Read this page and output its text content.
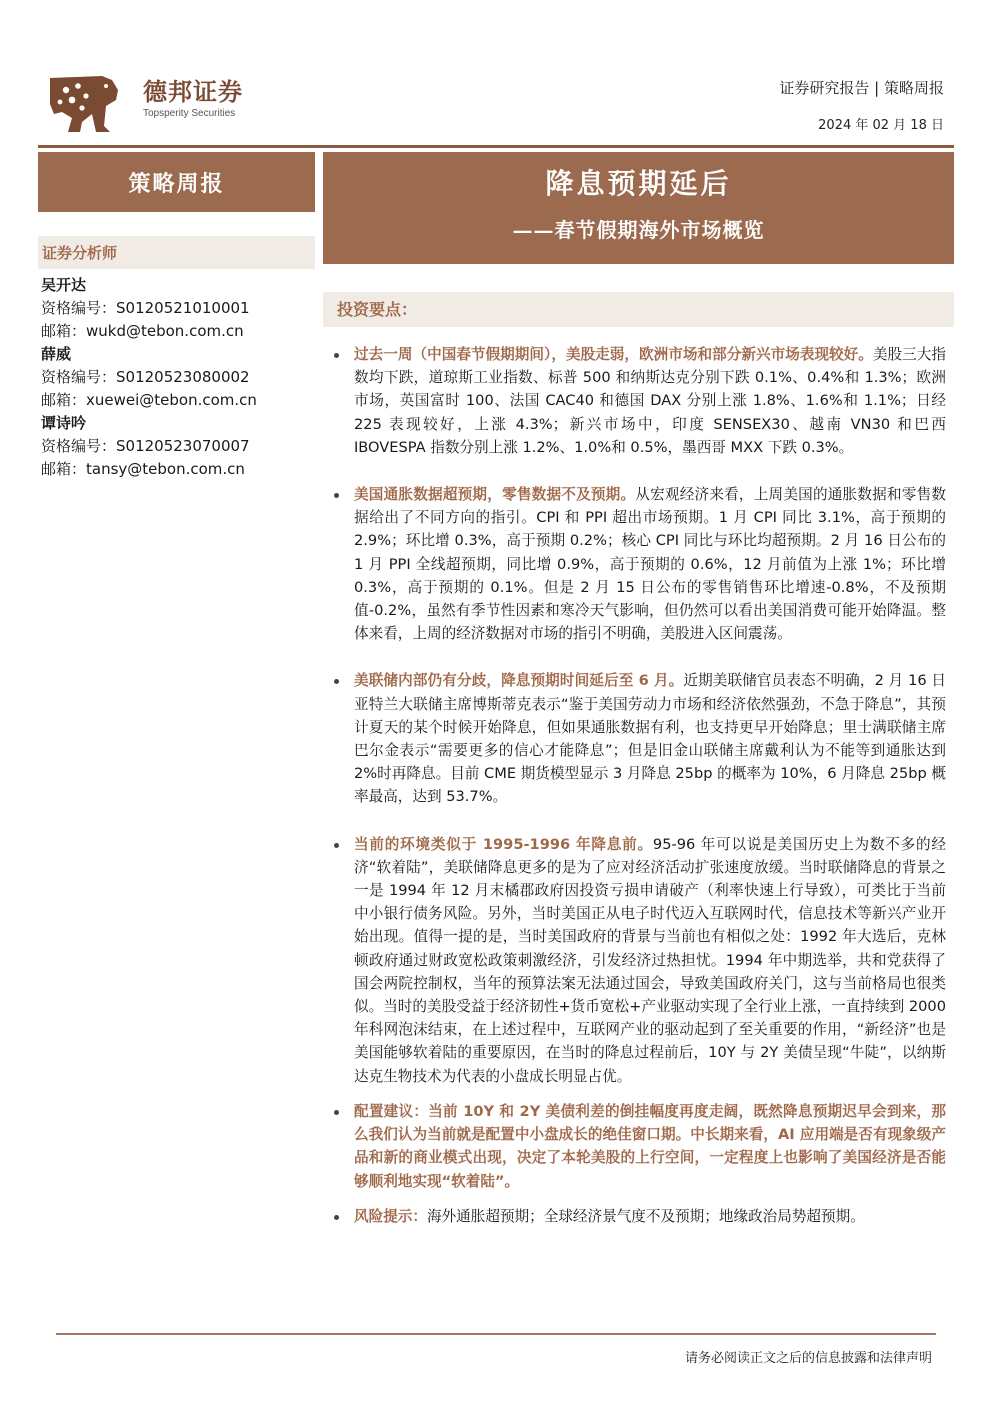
德邦证券
Topsperity Securities
证券研究报告 | 策略周报
2024 年 02 月 18 日
策略周报	降息预期延后
——春节假期海外市场概览
证券分析师
吴开达
资格编号：S0120521010001
邮箱：wukd@tebon.com.cn
薛威
资格编号：S0120523080002
邮箱：xuewei@tebon.com.cn
谭诗吟
资格编号：S0120523070007
邮箱：tansy@tebon.com.cn
投资要点：

过去一周（中国春节假期期间），美股走弱，欧洲市场和部分新兴市场表现较好。美股三大指数均下跌，道琼斯工业指数、标普 500 和纳斯达克分别下跌 0.1%、0.4%和 1.3%；欧洲市场，英国富时 100、法国 CAC40 和德国 DAX 分别上涨 1.8%、1.6%和 1.1%；日经 225 表现较好，上涨 4.3%；新兴市场中，印度 SENSEX30、越南 VN30 和巴西 IBOVESPA 指数分别上涨 1.2%、1.0%和 0.5%，墨西哥 MXX 下跌 0.3%。

美国通胀数据超预期，零售数据不及预期。从宏观经济来看，上周美国的通胀数据和零售数据给出了不同方向的指引。CPI 和 PPI 超出市场预期。1 月 CPI 同比 3.1%，高于预期的 2.9%；环比增 0.3%，高于预期 0.2%；核心 CPI 同比与环比均超预期。2 月 16 日公布的 1 月 PPI 全线超预期，同比增 0.9%，高于预期的 0.6%，12 月前值为上涨 1%；环比增 0.3%，高于预期的 0.1%。但是 2 月 15 日公布的零售销售环比增速-0.8%，不及预期值-0.2%，虽然有季节性因素和寒冷天气影响，但仍然可以看出美国消费可能开始降温。整体来看，上周的经济数据对市场的指引不明确，美股进入区间震荡。

美联储内部仍有分歧，降息预期时间延后至 6 月。近期美联储官员表态不明确，2 月 16 日亚特兰大联储主席博斯蒂克表示“鉴于美国劳动力市场和经济依然强劲，不急于降息”，其预计夏天的某个时候开始降息，但如果通胀数据有利，也支持更早开始降息；里士满联储主席巴尔金表示“需要更多的信心才能降息”；但是旧金山联储主席戴利认为不能等到通胀达到 2%时再降息。目前 CME 期货模型显示 3 月降息 25bp 的概率为 10%，6 月降息 25bp 概率最高，达到 53.7%。

当前的环境类似于 1995-1996 年降息前。95-96 年可以说是美国历史上为数不多的经济“软着陆”，美联储降息更多的是为了应对经济活动扩张速度放缓。当时联储降息的背景之一是 1994 年 12 月末橘郡政府因投资亏损申请破产（利率快速上行导致），可类比于当前中小银行债务风险。另外，当时美国正从电子时代迈入互联网时代，信息技术等新兴产业开始出现。值得一提的是，当时美国政府的背景与当前也有相似之处：1992 年大选后，克林顿政府通过财政宽松政策刺激经济，引发经济过热担忧。1994 年中期选举，共和党获得了国会两院控制权，当年的预算法案无法通过国会，导致美国政府关门，这与当前格局也很类似。当时的美股受益于经济韧性+货币宽松+产业驱动实现了全行业上涨，一直持续到 2000 年科网泡沫结束，在上述过程中，互联网产业的驱动起到了至关重要的作用，“新经济”也是美国能够软着陆的重要原因，在当时的降息过程前后，10Y 与 2Y 美债呈现“牛陡”，以纳斯达克生物技术为代表的小盘成长明显占优。

配置建议：当前 10Y 和 2Y 美债利差的倒挂幅度再度走阔，既然降息预期迟早会到来，那么我们认为当前就是配置中小盘成长的绝佳窗口期。中长期来看，AI 应用端是否有现象级产品和新的商业模式出现，决定了本轮美股的上行空间，一定程度上也影响了美国经济是否能够顺利地实现“软着陆”。

风险提示：海外通胀超预期；全球经济景气度不及预期；地缘政治局势超预期。

请务必阅读正文之后的信息披露和法律声明
